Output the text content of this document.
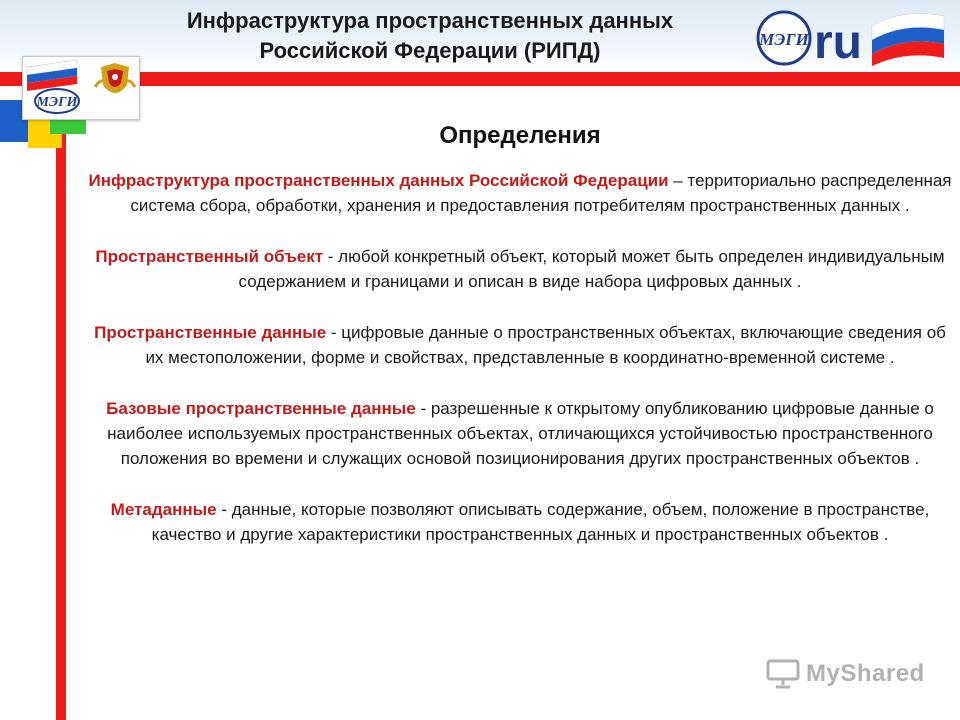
Инфраструктура пространственных данных
Российской Федерации (РИПД)
МЭГИ
МЭГИ ru
Определения

Инфраструктура пространственных данных Российской Федерации – территориально распределенная система сбора, обработки, хранения и предоставления потребителям пространственных данных .

Пространственный объект - любой конкретный объект, который может быть определен индивидуальным содержанием и границами и описан в виде набора цифровых данных .

Пространственные данные - цифровые данные о пространственных объектах, включающие сведения об их местоположении, форме и свойствах, представленные в координатно-временной системе .

Базовые пространственные данные - разрешенные к открытому опубликованию цифровые данные о наиболее используемых пространственных объектах, отличающихся устойчивостью пространственного положения во времени и служащих основой позиционирования других пространственных объектов .

Метаданные - данные, которые позволяют описывать содержание, объем, положение в пространстве, качество и другие характеристики пространственных данных и пространственных объектов .

MyShared
